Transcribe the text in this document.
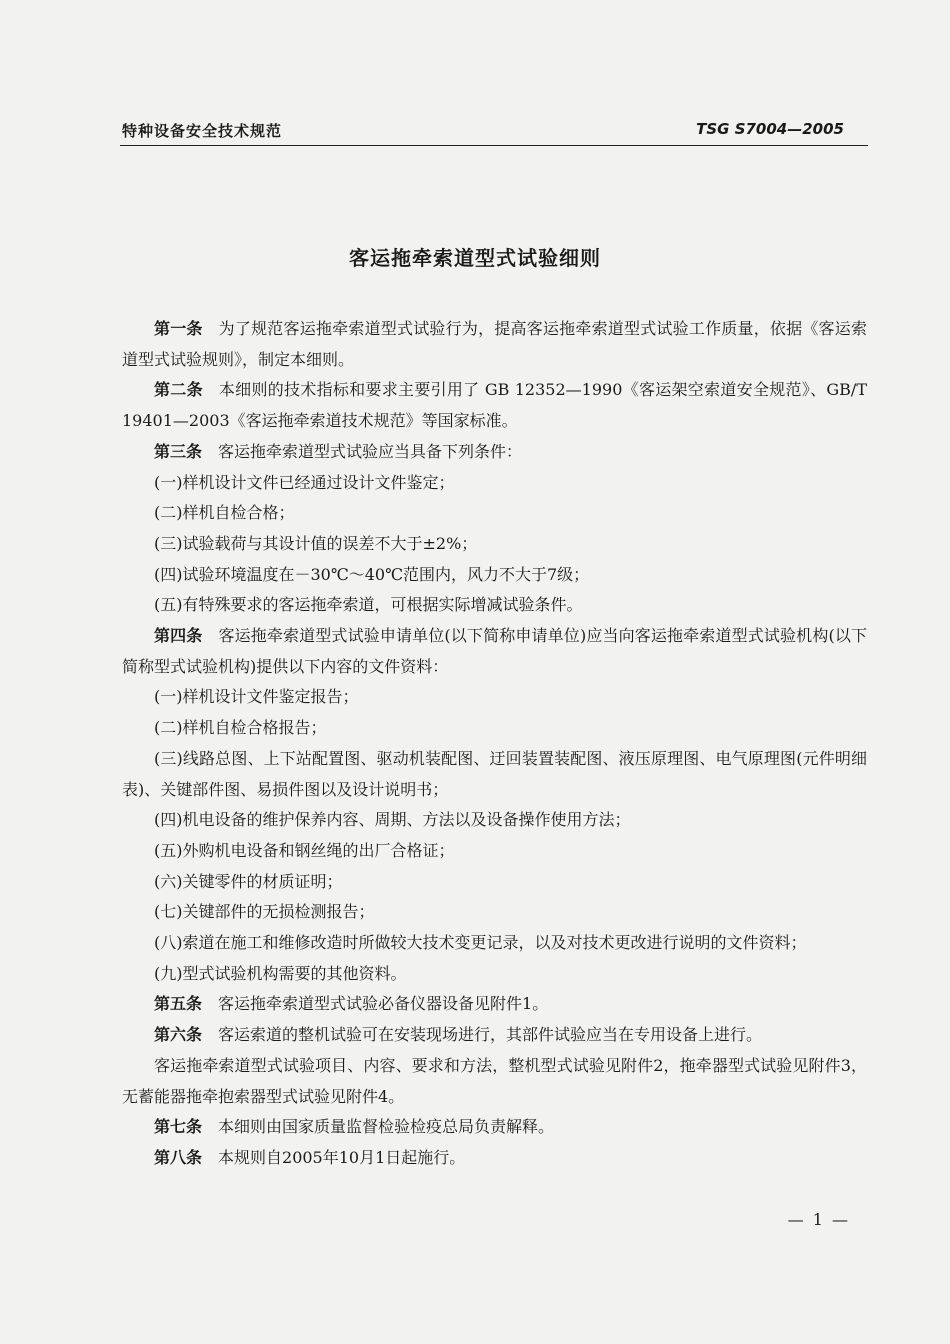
特种设备安全技术规范	TSG S7004—2005
客运拖牵索道型式试验细则

第一条 为了规范客运拖牵索道型式试验行为，提高客运拖牵索道型式试验工作质量，依据《客运索道型式试验规则》，制定本细则。

第二条 本细则的技术指标和要求主要引用了 GB 12352—1990《客运架空索道安全规范》、GB/T 19401—2003《客运拖牵索道技术规范》等国家标准。

第三条 客运拖牵索道型式试验应当具备下列条件：

(一)样机设计文件已经通过设计文件鉴定；

(二)样机自检合格；

(三)试验载荷与其设计值的误差不大于±2%；

(四)试验环境温度在－30℃～40℃范围内，风力不大于7级；

(五)有特殊要求的客运拖牵索道，可根据实际增减试验条件。

第四条 客运拖牵索道型式试验申请单位(以下简称申请单位)应当向客运拖牵索道型式试验机构(以下简称型式试验机构)提供以下内容的文件资料：

(一)样机设计文件鉴定报告；

(二)样机自检合格报告；

(三)线路总图、上下站配置图、驱动机装配图、迂回装置装配图、液压原理图、电气原理图(元件明细表)、关键部件图、易损件图以及设计说明书；

(四)机电设备的维护保养内容、周期、方法以及设备操作使用方法；

(五)外购机电设备和钢丝绳的出厂合格证；

(六)关键零件的材质证明；

(七)关键部件的无损检测报告；

(八)索道在施工和维修改造时所做较大技术变更记录，以及对技术更改进行说明的文件资料；

(九)型式试验机构需要的其他资料。

第五条 客运拖牵索道型式试验必备仪器设备见附件1。

第六条 客运索道的整机试验可在安装现场进行，其部件试验应当在专用设备上进行。

客运拖牵索道型式试验项目、内容、要求和方法，整机型式试验见附件2，拖牵器型式试验见附件3，无蓄能器拖牵抱索器型式试验见附件4。

第七条 本细则由国家质量监督检验检疫总局负责解释。

第八条 本规则自2005年10月1日起施行。

— 1 —
